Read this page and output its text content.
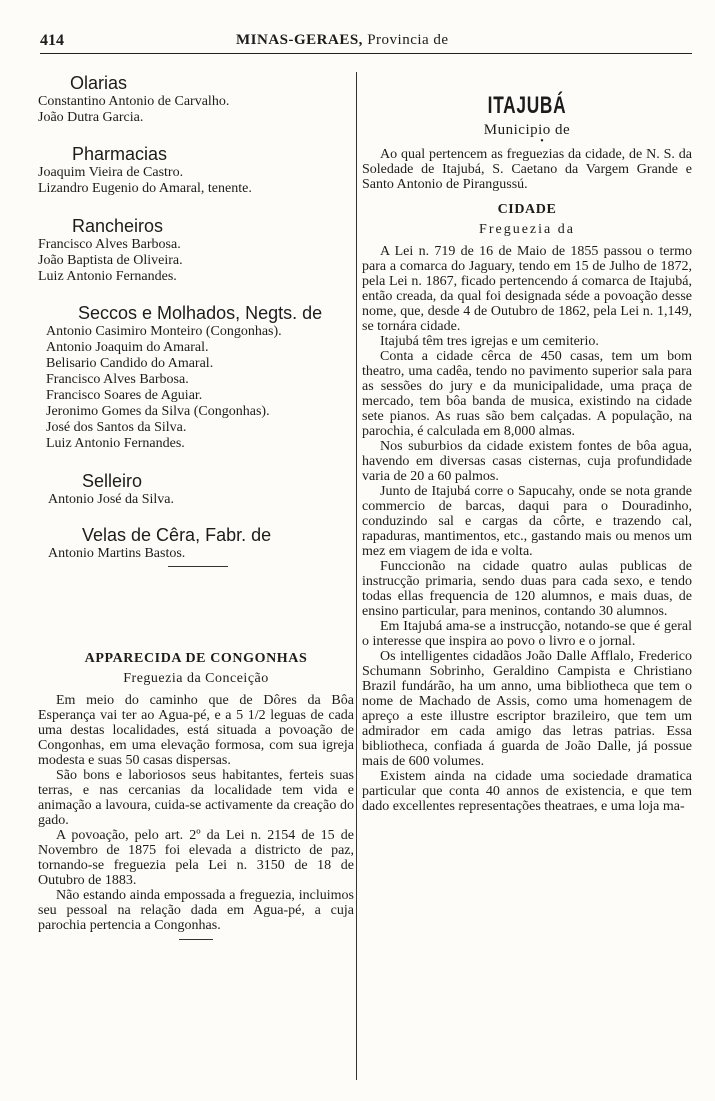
414	MINAS-GERAES, Provincia de
Olarias
Constantino Antonio de Carvalho.
João Dutra Garcia.
Pharmacias
Joaquim Vieira de Castro.
Lizandro Eugenio do Amaral, tenente.
Rancheiros
Francisco Alves Barbosa.
João Baptista de Oliveira.
Luiz Antonio Fernandes.
Seccos e Molhados, Negts. de
Antonio Casimiro Monteiro (Congonhas).
Antonio Joaquim do Amaral.
Belisario Candido do Amaral.
Francisco Alves Barbosa.
Francisco Soares de Aguiar.
Jeronimo Gomes da Silva (Congonhas).
José dos Santos da Silva.
Luiz Antonio Fernandes.
Selleiro
Antonio José da Silva.
Velas de Cêra, Fabr. de
Antonio Martins Bastos.
APPARECIDA DE CONGONHAS
Freguezia da Conceição

Em meio do caminho que de Dôres da Bôa Esperança vai ter ao Agua-pé, e a 5 1/2 leguas de cada uma destas localidades, está situada a povoação de Congonhas, em uma elevação formosa, com sua igreja modesta e suas 50 casas dispersas.

São bons e laboriosos seus habitantes, ferteis suas terras, e nas cercanias da localidade tem vida e animação a lavoura, cuida-se activamente da creação do gado.

A povoação, pelo art. 2º da Lei n. 2154 de 15 de Novembro de 1875 foi elevada a districto de paz, tornando-se freguezia pela Lei n. 3150 de 18 de Outubro de 1883.

Não estando ainda empossada a freguezia, incluimos seu pessoal na relação dada em Agua-pé, a cuja parochia pertencia a Congonhas.

ITAJUBÁ
Municipio de
•

Ao qual pertencem as freguezias da cidade, de N. S. da Soledade de Itajubá, S. Caetano da Vargem Grande e Santo Antonio de Pirangussú.

CIDADE
Freguezia da

A Lei n. 719 de 16 de Maio de 1855 passou o termo para a comarca do Jaguary, tendo em 15 de Julho de 1872, pela Lei n. 1867, ficado pertencendo á comarca de Itajubá, então creada, da qual foi designada séde a povoação desse nome, que, desde 4 de Outubro de 1862, pela Lei n. 1,149, se tornára cidade.

Itajubá têm tres igrejas e um cemiterio.

Conta a cidade cêrca de 450 casas, tem um bom theatro, uma cadêa, tendo no pavimento superior sala para as sessões do jury e da municipalidade, uma praça de mercado, tem bôa banda de musica, existindo na cidade sete pianos. As ruas são bem calçadas. A população, na parochia, é calculada em 8,000 almas.

Nos suburbios da cidade existem fontes de bôa agua, havendo em diversas casas cisternas, cuja profundidade varia de 20 a 60 palmos.

Junto de Itajubá corre o Sapucahy, onde se nota grande commercio de barcas, daqui para o Douradinho, conduzindo sal e cargas da côrte, e trazendo cal, rapaduras, mantimentos, etc., gastando mais ou menos um mez em viagem de ida e volta.

Funccionão na cidade quatro aulas publicas de instrucção primaria, sendo duas para cada sexo, e tendo todas ellas frequencia de 120 alumnos, e mais duas, de ensino particular, para meninos, contando 30 alumnos.

Em Itajubá ama-se a instrucção, notando-se que é geral o interesse que inspira ao povo o livro e o jornal.

Os intelligentes cidadãos João Dalle Afflalo, Frederico Schumann Sobrinho, Geraldino Campista e Christiano Brazil fundárão, ha um anno, uma bibliotheca que tem o nome de Machado de Assis, como uma homenagem de apreço a este illustre escriptor brazileiro, que tem um admirador em cada amigo das letras patrias. Essa bibliotheca, confiada á guarda de João Dalle, já possue mais de 600 volumes.

Existem ainda na cidade uma sociedade dramatica particular que conta 40 annos de existencia, e que tem dado excellentes representações theatraes, e uma loja ma-
